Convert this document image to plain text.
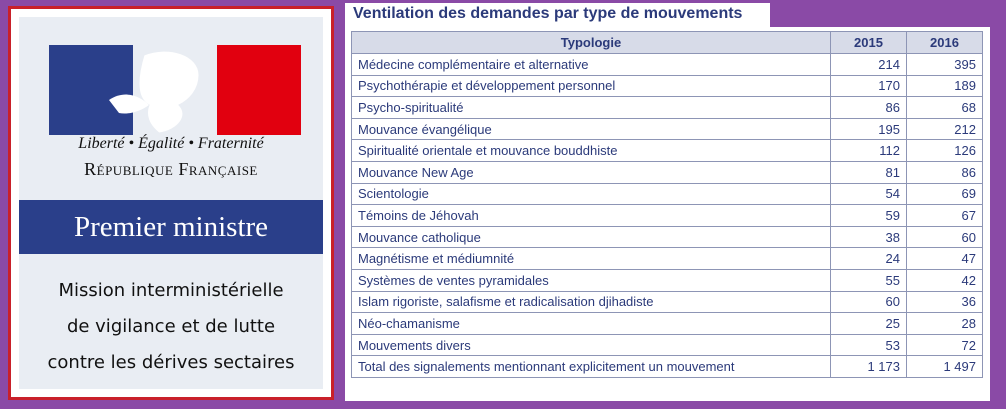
Liberté • Égalité • Fraternité
République Française
Premier ministre
Mission interministérielle
de vigilance et de lutte
contre les dérives sectaires
Ventilation des demandes par type de mouvements
Typologie	2015	2016
Médecine complémentaire et alternative	214	395
Psychothérapie et développement personnel	170	189
Psycho-spiritualité	86	68
Mouvance évangélique	195	212
Spiritualité orientale et mouvance bouddhiste	112	126
Mouvance New Age	81	86
Scientologie	54	69
Témoins de Jéhovah	59	67
Mouvance catholique	38	60
Magnétisme et médiumnité	24	47
Systèmes de ventes pyramidales	55	42
Islam rigoriste, salafisme et radicalisation djihadiste	60	36
Néo-chamanisme	25	28
Mouvements divers	53	72
Total des signalements mentionnant explicitement un mouvement	1 173	1 497
